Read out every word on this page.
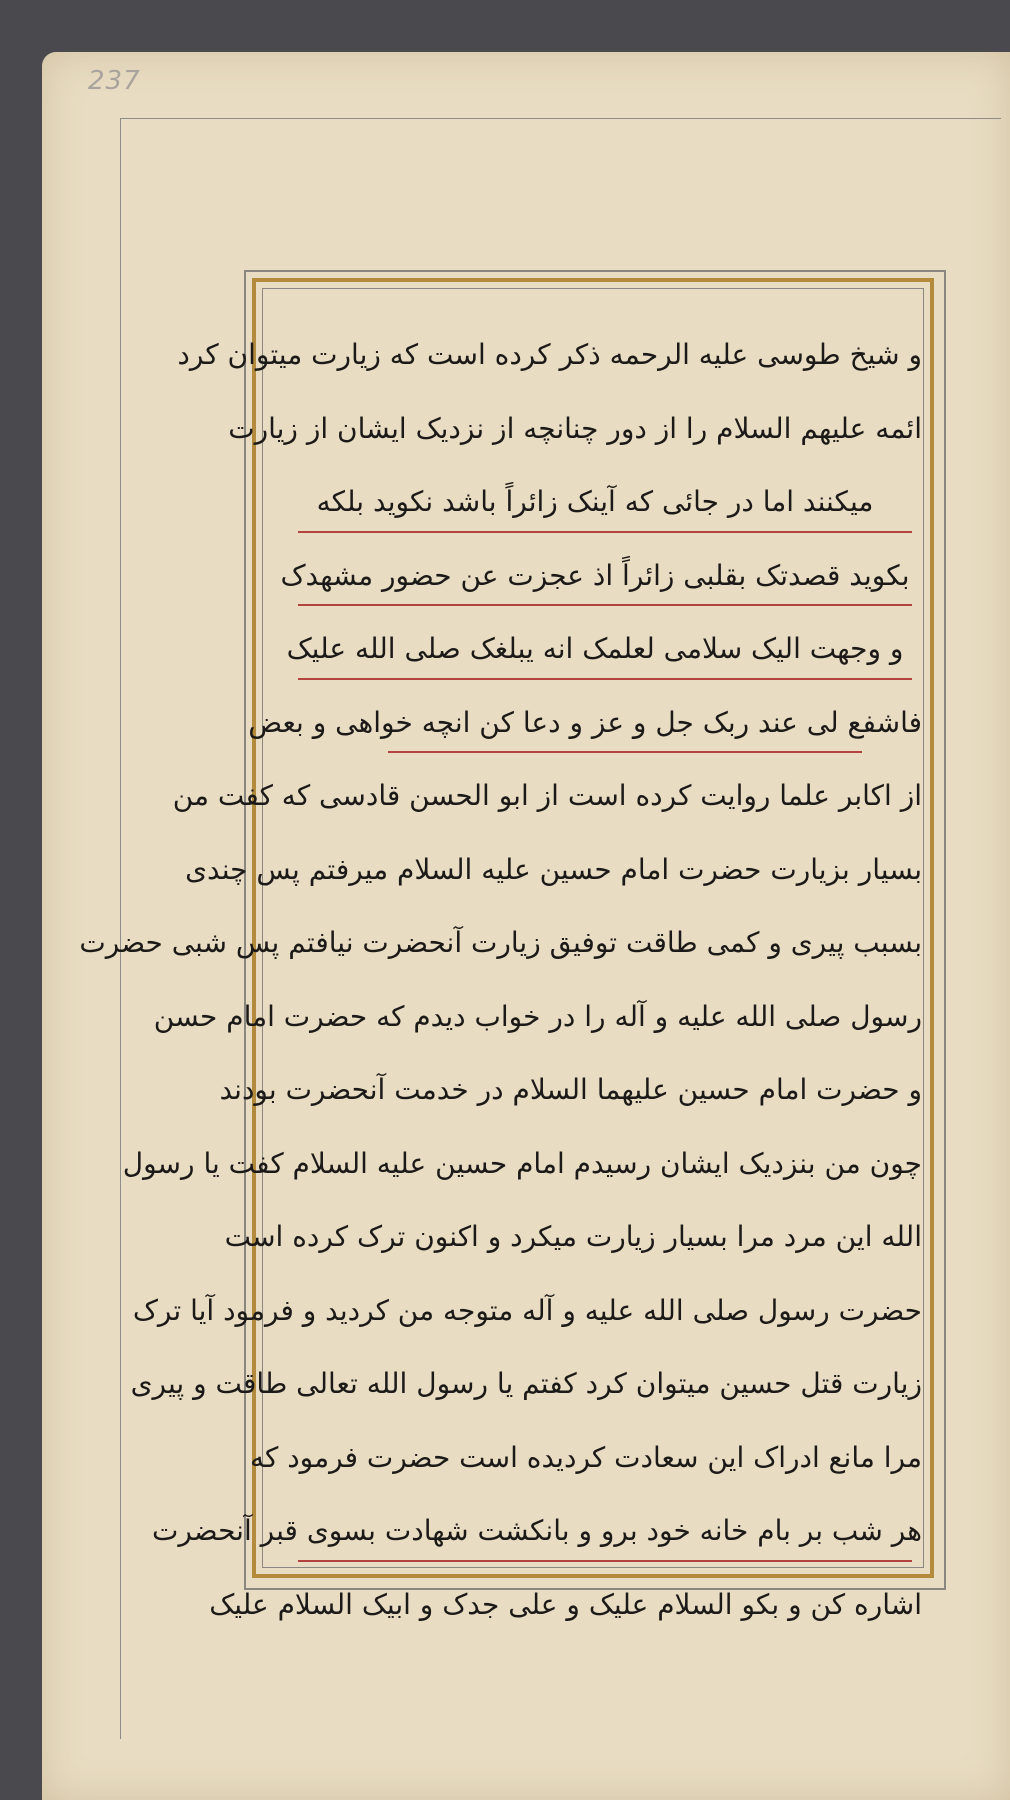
237
و شیخ طوسی علیه الرحمه ذکر کرده است که زیارت میتوان کرد
ائمه علیهم السلام را از دور چنانچه از نزدیک ایشان از زیارت
میکنند اما در جائی که آینک زائراً باشد نکوید بلکه
بکوید قصدتک بقلبی زائراً اذ عجزت عن حضور مشهدک
و وجهت الیک سلامی لعلمک انه یبلغک صلی الله علیک
فاشفع لی عند ربک جل و عز و دعا کن انچه خواهی و بعض
از اکابر علما روایت کرده است از ابو الحسن قادسی که کفت من
بسیار بزیارت حضرت امام حسین علیه السلام میرفتم پس چندی
بسبب پیری و کمی طاقت توفیق زیارت آنحضرت نیافتم پس شبی حضرت
رسول صلی الله علیه و آله را در خواب دیدم که حضرت امام حسن
و حضرت امام حسین علیهما السلام در خدمت آنحضرت بودند
چون من بنزدیک ایشان رسیدم امام حسین علیه السلام کفت یا رسول
الله این مرد مرا بسیار زیارت میکرد و اکنون ترک کرده است
حضرت رسول صلی الله علیه و آله متوجه من کردید و فرمود آیا ترک
زیارت قتل حسین میتوان کرد کفتم یا رسول الله تعالی طاقت و پیری
مرا مانع ادراک این سعادت کردیده است حضرت فرمود که
هر شب بر بام خانه خود برو و بانکشت شهادت بسوی قبر آنحضرت
اشاره کن و بکو السلام علیک و علی جدک و ابیک السلام علیک
